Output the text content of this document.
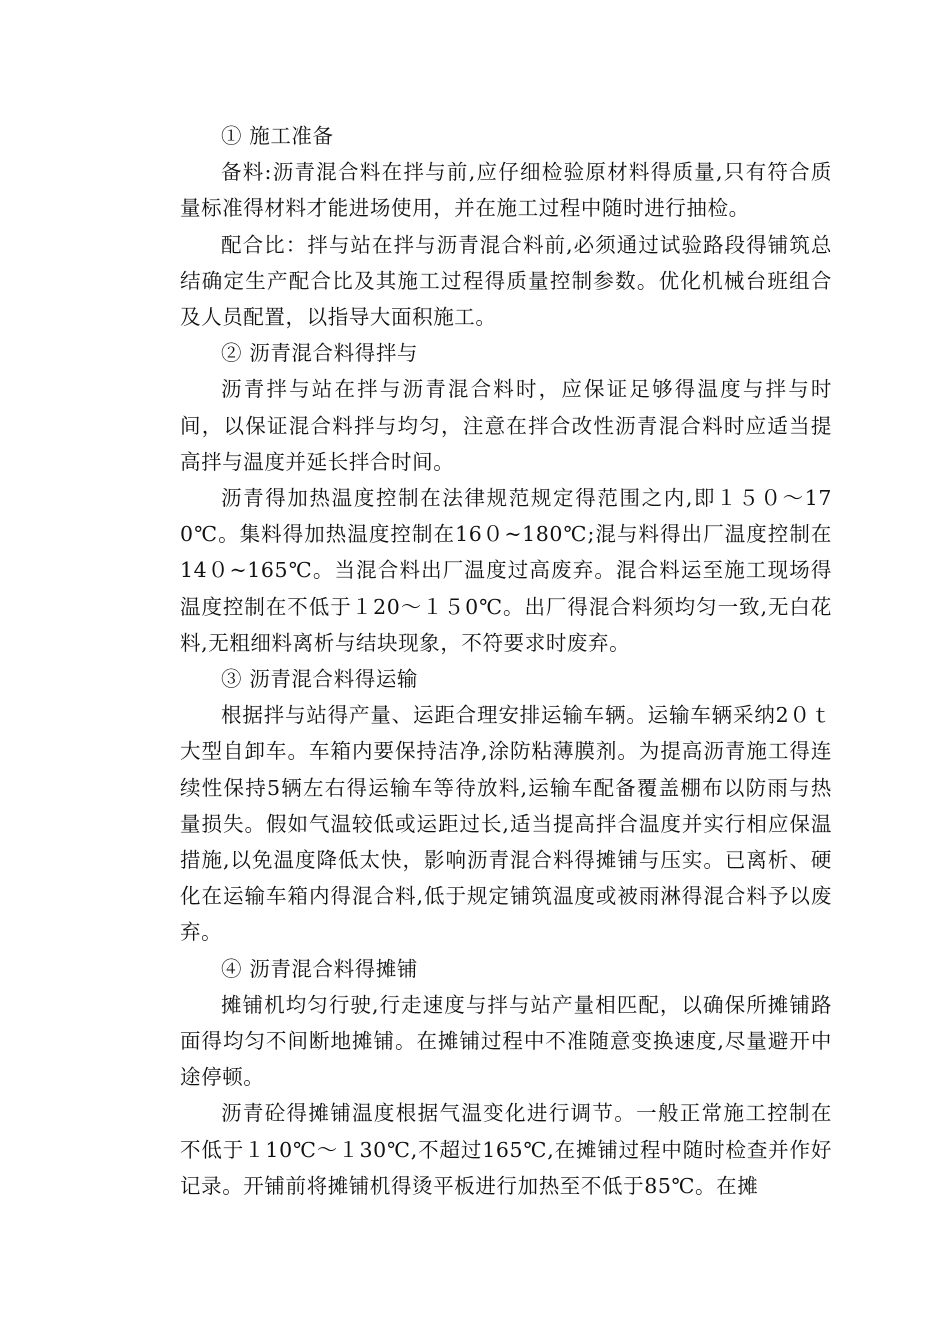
① 施工准备

备料:沥青混合料在拌与前,应仔细检验原材料得质量,只有符合质量标准得材料才能进场使用，并在施工过程中随时进行抽检。

配合比：拌与站在拌与沥青混合料前,必须通过试验路段得铺筑总结确定生产配合比及其施工过程得质量控制参数。优化机械台班组合及人员配置，以指导大面积施工。

② 沥青混合料得拌与

沥青拌与站在拌与沥青混合料时，应保证足够得温度与拌与时间，以保证混合料拌与均匀，注意在拌合改性沥青混合料时应适当提高拌与温度并延长拌合时间。

沥青得加热温度控制在法律规范规定得范围之内,即１５０～170℃。集料得加热温度控制在16０~180℃;混与料得出厂温度控制在14０~165℃。当混合料出厂温度过高废弃。混合料运至施工现场得温度控制在不低于１20～１５0℃。出厂得混合料须均匀一致,无白花料,无粗细料离析与结块现象，不符要求时废弃。

③ 沥青混合料得运输

根据拌与站得产量、运距合理安排运输车辆。运输车辆采纳2０ｔ大型自卸车。车箱内要保持洁净,涂防粘薄膜剂。为提高沥青施工得连续性保持5辆左右得运输车等待放料,运输车配备覆盖棚布以防雨与热量损失。假如气温较低或运距过长,适当提高拌合温度并实行相应保温措施,以免温度降低太快，影响沥青混合料得摊铺与压实。已离析、硬化在运输车箱内得混合料,低于规定铺筑温度或被雨淋得混合料予以废弃。

④ 沥青混合料得摊铺

摊铺机均匀行驶,行走速度与拌与站产量相匹配，以确保所摊铺路面得均匀不间断地摊铺。在摊铺过程中不准随意变换速度,尽量避开中途停顿。

沥青砼得摊铺温度根据气温变化进行调节。一般正常施工控制在不低于１10℃～１30℃,不超过165℃,在摊铺过程中随时检查并作好记录。开铺前将摊铺机得烫平板进行加热至不低于85℃。在摊
